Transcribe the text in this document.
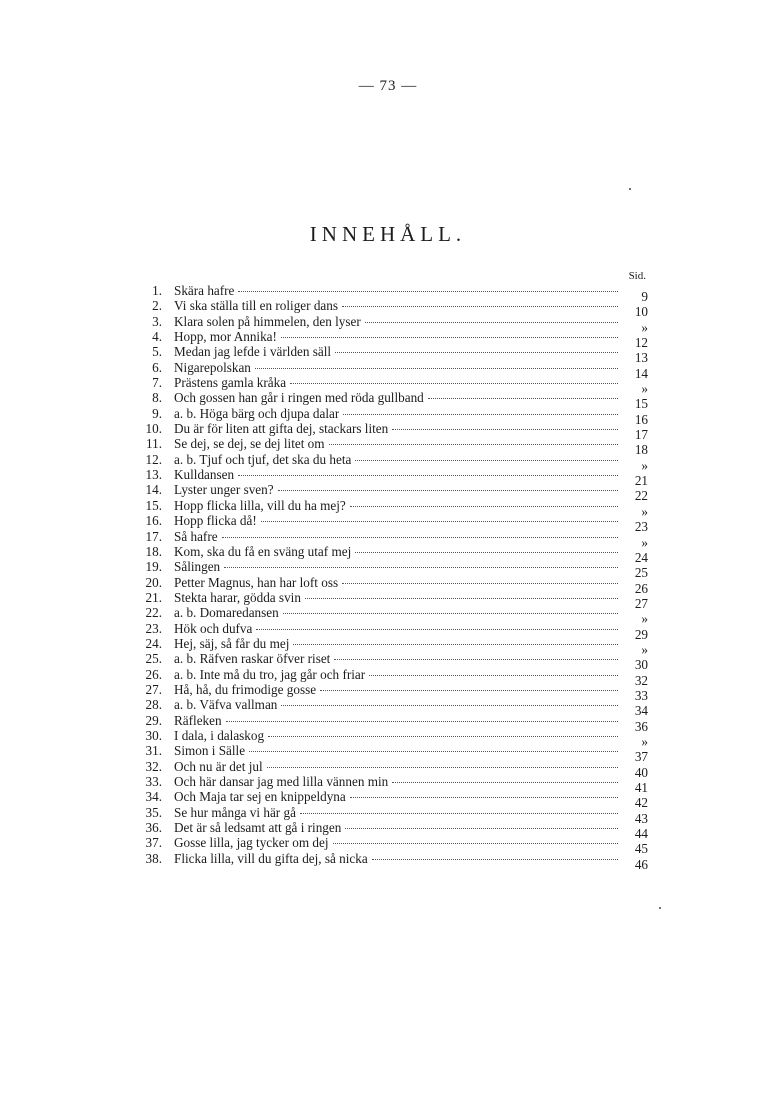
— 73 —
INNEHÅLL.
Sid.
1. Skära hafre	9
2. Vi ska ställa till en roliger dans	10
3. Klara solen på himmelen, den lyser	»
4. Hopp, mor Annika!	12
5. Medan jag lefde i världen säll	13
6. Nigarepolskan	14
7. Prästens gamla kråka	»
8. Och gossen han går i ringen med röda gullband	15
9. a. b. Höga bärg och djupa dalar	16
10. Du är för liten att gifta dej, stackars liten	17
11. Se dej, se dej, se dej litet om	18
12. a. b. Tjuf och tjuf, det ska du heta	»
13. Kulldansen	21
14. Lyster unger sven?	22
15. Hopp flicka lilla, vill du ha mej?	»
16. Hopp flicka då!	23
17. Så hafre	»
18. Kom, ska du få en sväng utaf mej	24
19. Sålingen	25
20. Petter Magnus, han har loft oss	26
21. Stekta harar, gödda svin	27
22. a. b. Domaredansen	»
23. Hök och dufva	29
24. Hej, säj, så får du mej	»
25. a. b. Räfven raskar öfver riset	30
26. a. b. Inte må du tro, jag går och friar	32
27. Hå, hå, du frimodige gosse	33
28. a. b. Väfva vallman	34
29. Räfleken	36
30. I dala, i dalaskog	»
31. Simon i Sälle	37
32. Och nu är det jul	40
33. Och här dansar jag med lilla vännen min	41
34. Och Maja tar sej en knippeldyna	42
35. Se hur många vi här gå	43
36. Det är så ledsamt att gå i ringen	44
37. Gosse lilla, jag tycker om dej	45
38. Flicka lilla, vill du gifta dej, så nicka	46
